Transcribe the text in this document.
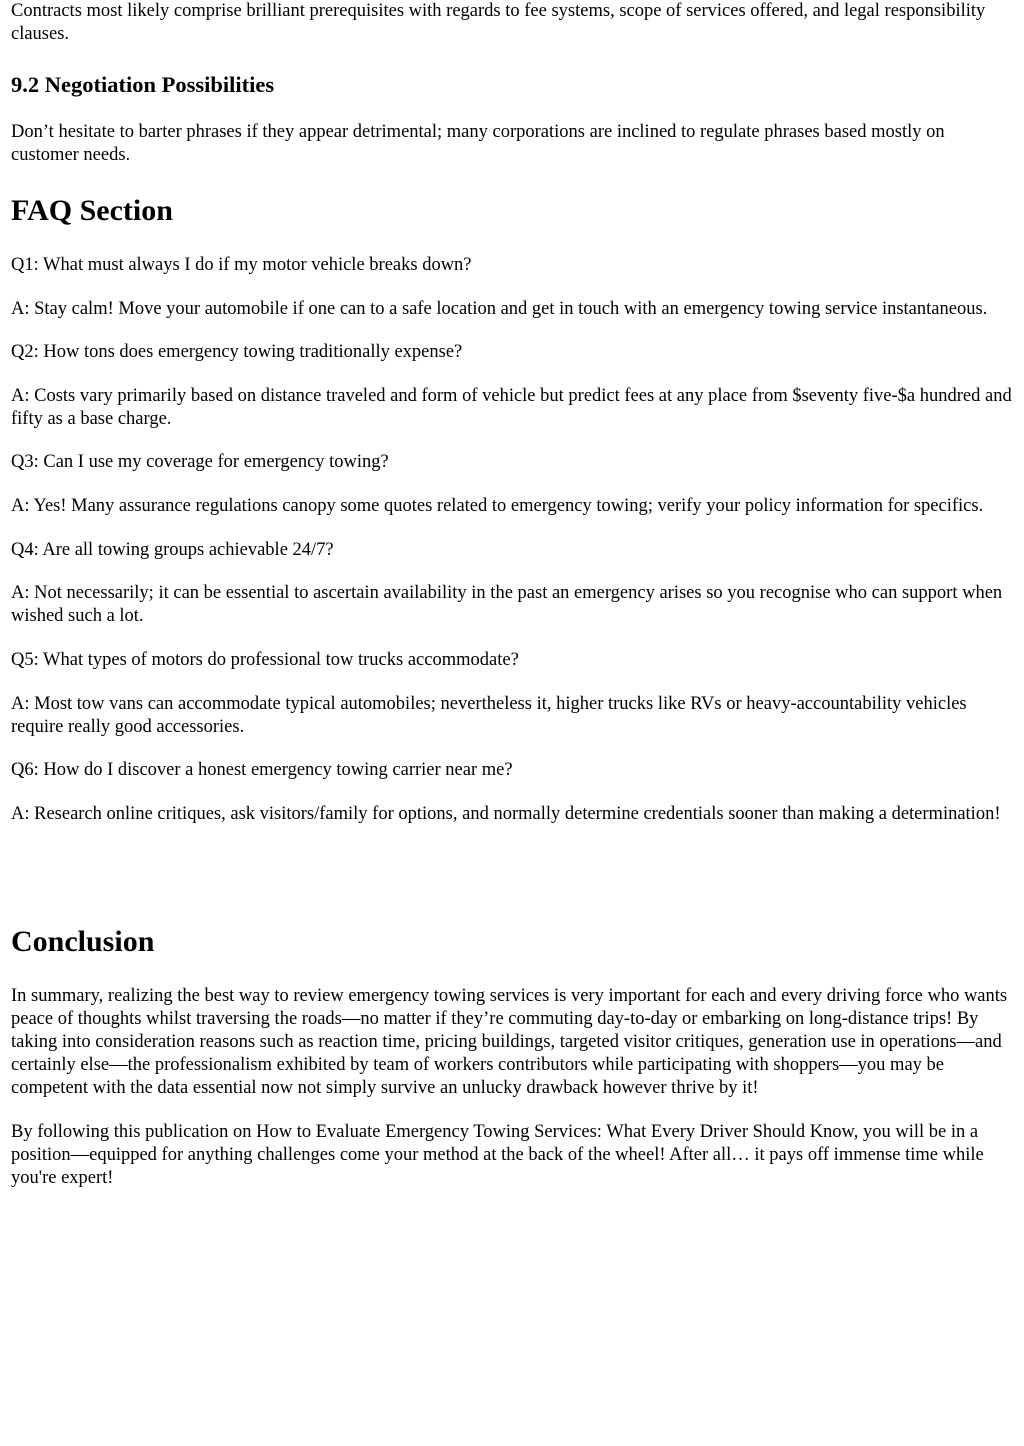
Contracts most likely comprise brilliant prerequisites with regards to fee systems, scope of services offered, and legal responsibility clauses.

9.2 Negotiation Possibilities

Don’t hesitate to barter phrases if they appear detrimental; many corporations are inclined to regulate phrases based mostly on customer needs.

FAQ Section

Q1: What must always I do if my motor vehicle breaks down?

A: Stay calm! Move your automobile if one can to a safe location and get in touch with an emergency towing service instantaneous.

Q2: How tons does emergency towing traditionally expense?

A: Costs vary primarily based on distance traveled and form of vehicle but predict fees at any place from $seventy five-$a hundred and fifty as a base charge.

Q3: Can I use my coverage for emergency towing?

A: Yes! Many assurance regulations canopy some quotes related to emergency towing; verify your policy information for specifics.

Q4: Are all towing groups achievable 24/7?

A: Not necessarily; it can be essential to ascertain availability in the past an emergency arises so you recognise who can support when wished such a lot.

Q5: What types of motors do professional tow trucks accommodate?

A: Most tow vans can accommodate typical automobiles; nevertheless it, higher trucks like RVs or heavy-accountability vehicles require really good accessories.

Q6: How do I discover a honest emergency towing carrier near me?

A: Research online critiques, ask visitors/family for options, and normally determine credentials sooner than making a determination!

Conclusion

In summary, realizing the best way to review emergency towing services is very important for each and every driving force who wants peace of thoughts whilst traversing the roads—no matter if they’re commuting day-to-day or embarking on long-distance trips! By taking into consideration reasons such as reaction time, pricing buildings, targeted visitor critiques, generation use in operations—and certainly else—the professionalism exhibited by team of workers contributors while participating with shoppers—you may be competent with the data essential now not simply survive an unlucky drawback however thrive by it!

By following this publication on How to Evaluate Emergency Towing Services: What Every Driver Should Know, you will be in a position—equipped for anything challenges come your method at the back of the wheel! After all… it pays off immense time while you're expert!
